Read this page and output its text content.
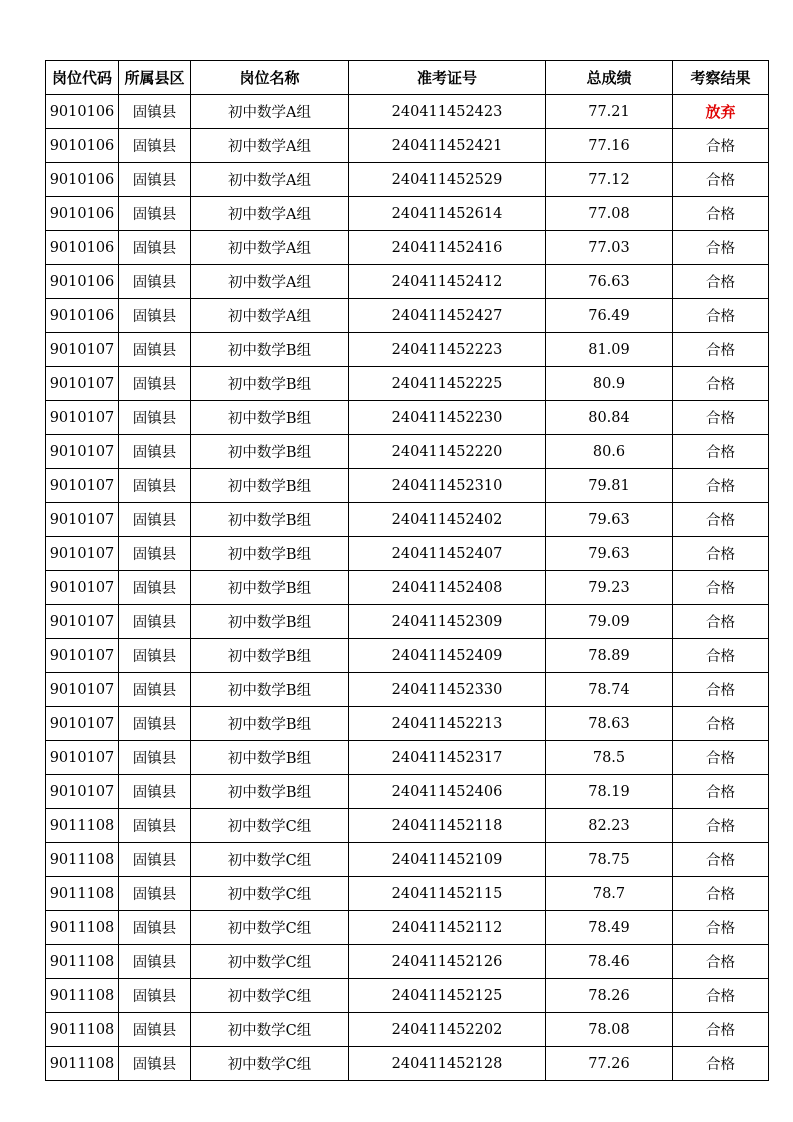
岗位代码	所属县区	岗位名称	准考证号	总成绩	考察结果
9010106	固镇县	初中数学A组	240411452423	77.21	放弃
9010106	固镇县	初中数学A组	240411452421	77.16	合格
9010106	固镇县	初中数学A组	240411452529	77.12	合格
9010106	固镇县	初中数学A组	240411452614	77.08	合格
9010106	固镇县	初中数学A组	240411452416	77.03	合格
9010106	固镇县	初中数学A组	240411452412	76.63	合格
9010106	固镇县	初中数学A组	240411452427	76.49	合格
9010107	固镇县	初中数学B组	240411452223	81.09	合格
9010107	固镇县	初中数学B组	240411452225	80.9	合格
9010107	固镇县	初中数学B组	240411452230	80.84	合格
9010107	固镇县	初中数学B组	240411452220	80.6	合格
9010107	固镇县	初中数学B组	240411452310	79.81	合格
9010107	固镇县	初中数学B组	240411452402	79.63	合格
9010107	固镇县	初中数学B组	240411452407	79.63	合格
9010107	固镇县	初中数学B组	240411452408	79.23	合格
9010107	固镇县	初中数学B组	240411452309	79.09	合格
9010107	固镇县	初中数学B组	240411452409	78.89	合格
9010107	固镇县	初中数学B组	240411452330	78.74	合格
9010107	固镇县	初中数学B组	240411452213	78.63	合格
9010107	固镇县	初中数学B组	240411452317	78.5	合格
9010107	固镇县	初中数学B组	240411452406	78.19	合格
9011108	固镇县	初中数学C组	240411452118	82.23	合格
9011108	固镇县	初中数学C组	240411452109	78.75	合格
9011108	固镇县	初中数学C组	240411452115	78.7	合格
9011108	固镇县	初中数学C组	240411452112	78.49	合格
9011108	固镇县	初中数学C组	240411452126	78.46	合格
9011108	固镇县	初中数学C组	240411452125	78.26	合格
9011108	固镇县	初中数学C组	240411452202	78.08	合格
9011108	固镇县	初中数学C组	240411452128	77.26	合格
